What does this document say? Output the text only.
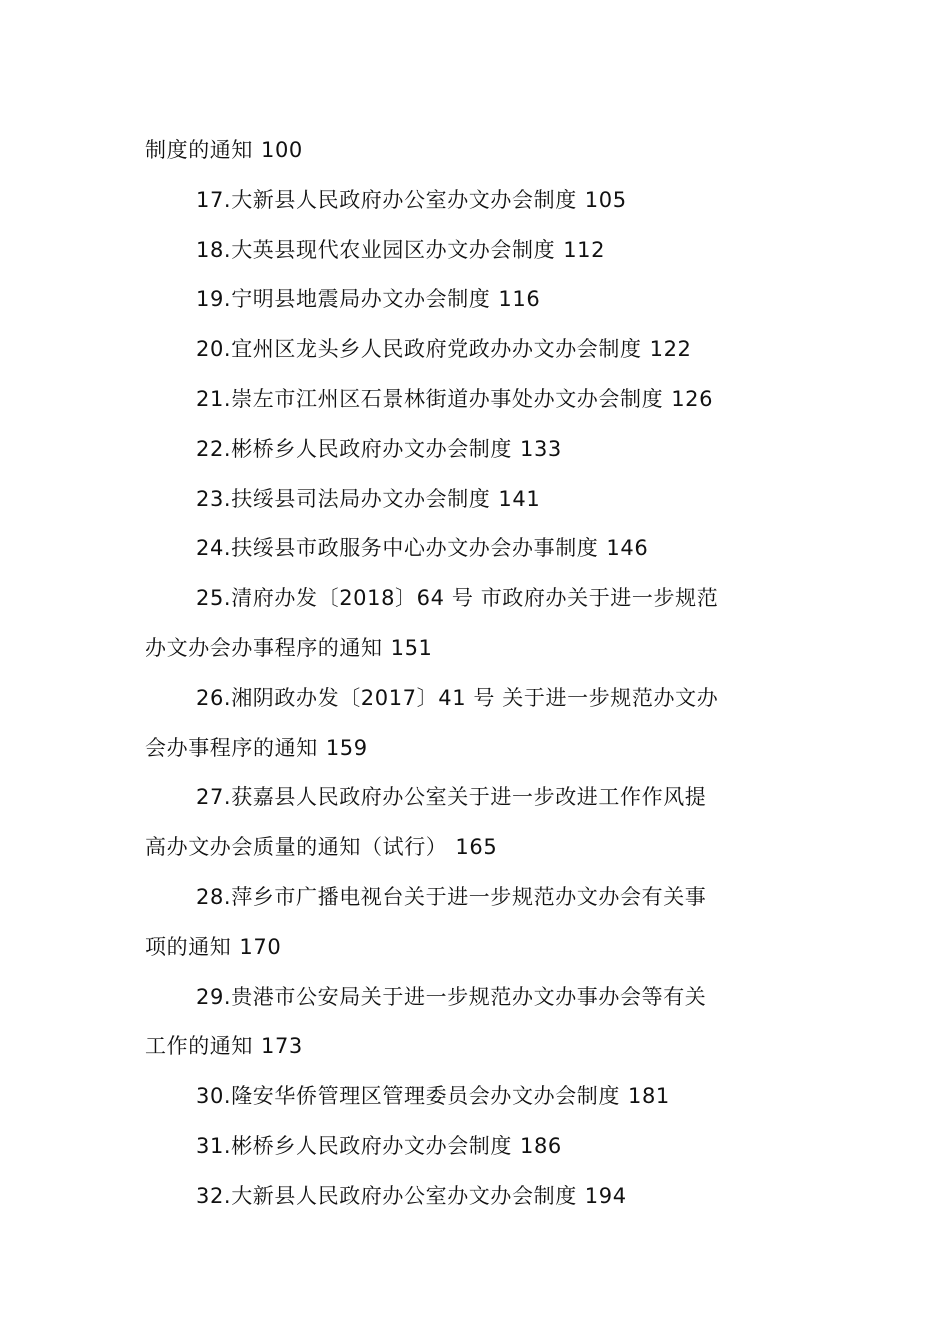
制度的通知 100
17.大新县人民政府办公室办文办会制度 105
18.大英县现代农业园区办文办会制度 112
19.宁明县地震局办文办会制度 116
20.宜州区龙头乡人民政府党政办办文办会制度 122
21.崇左市江州区石景林街道办事处办文办会制度 126
22.彬桥乡人民政府办文办会制度 133
23.扶绥县司法局办文办会制度 141
24.扶绥县市政服务中心办文办会办事制度 146
25.清府办发〔2018〕64 号 市政府办关于进一步规范
办文办会办事程序的通知 151
26.湘阴政办发〔2017〕41 号 关于进一步规范办文办
会办事程序的通知 159
27.获嘉县人民政府办公室关于进一步改进工作作风提
高办文办会质量的通知（试行） 165
28.萍乡市广播电视台关于进一步规范办文办会有关事
项的通知 170
29.贵港市公安局关于进一步规范办文办事办会等有关
工作的通知 173
30.隆安华侨管理区管理委员会办文办会制度 181
31.彬桥乡人民政府办文办会制度 186
32.大新县人民政府办公室办文办会制度 194
